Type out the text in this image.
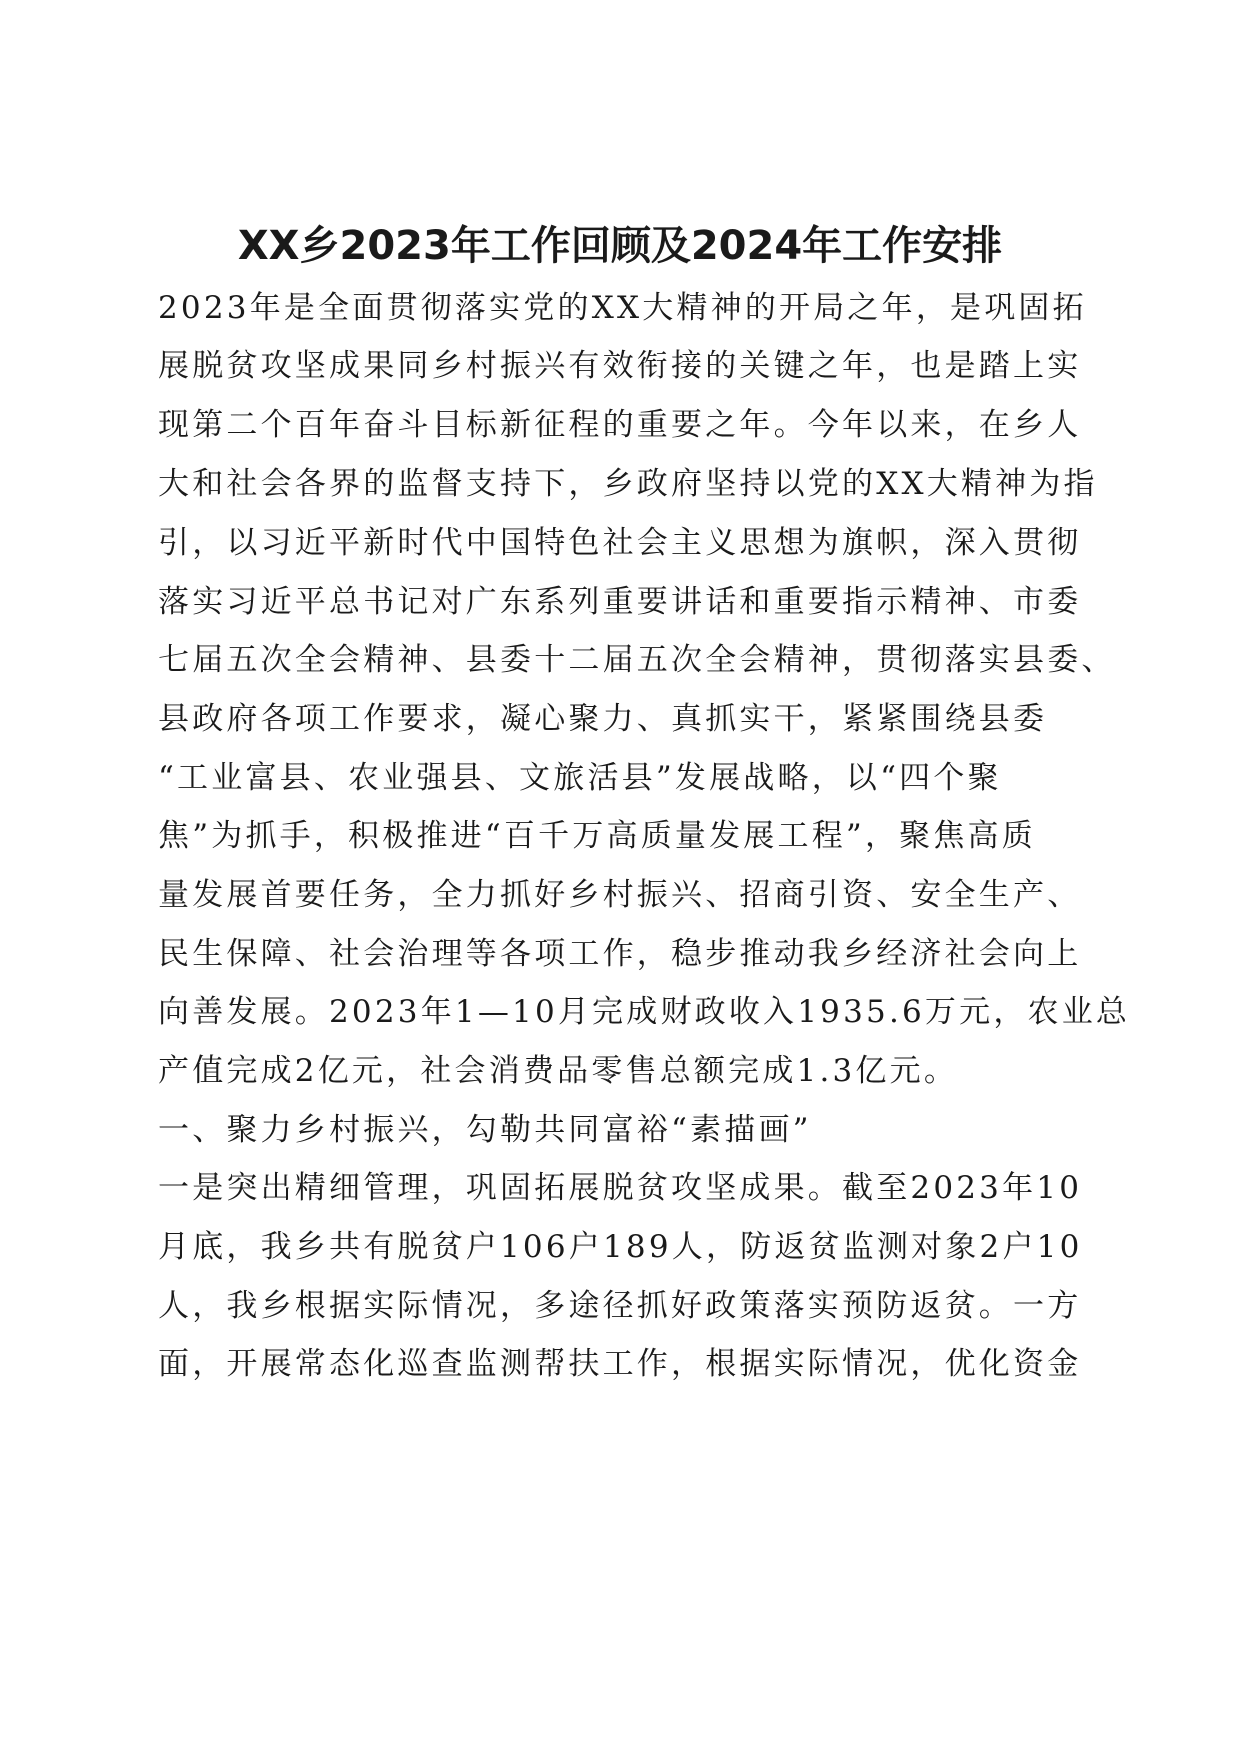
XX乡2023年工作回顾及2024年工作安排

2023年是全面贯彻落实党的XX大精神的开局之年，是巩固拓

展脱贫攻坚成果同乡村振兴有效衔接的关键之年，也是踏上实

现第二个百年奋斗目标新征程的重要之年。今年以来，在乡人

大和社会各界的监督支持下，乡政府坚持以党的XX大精神为指

引，以习近平新时代中国特色社会主义思想为旗帜，深入贯彻

落实习近平总书记对广东系列重要讲话和重要指示精神、市委

七届五次全会精神、县委十二届五次全会精神，贯彻落实县委、

县政府各项工作要求，凝心聚力、真抓实干，紧紧围绕县委

“工业富县、农业强县、文旅活县”发展战略，以“四个聚

焦”为抓手，积极推进“百千万高质量发展工程”，聚焦高质

量发展首要任务，全力抓好乡村振兴、招商引资、安全生产、

民生保障、社会治理等各项工作，稳步推动我乡经济社会向上

向善发展。2023年1—10月完成财政收入1935.6万元，农业总

产值完成2亿元，社会消费品零售总额完成1.3亿元。

一、聚力乡村振兴，勾勒共同富裕“素描画”

一是突出精细管理，巩固拓展脱贫攻坚成果。截至2023年10

月底，我乡共有脱贫户106户189人，防返贫监测对象2户10

人，我乡根据实际情况，多途径抓好政策落实预防返贫。一方

面，开展常态化巡查监测帮扶工作，根据实际情况，优化资金
